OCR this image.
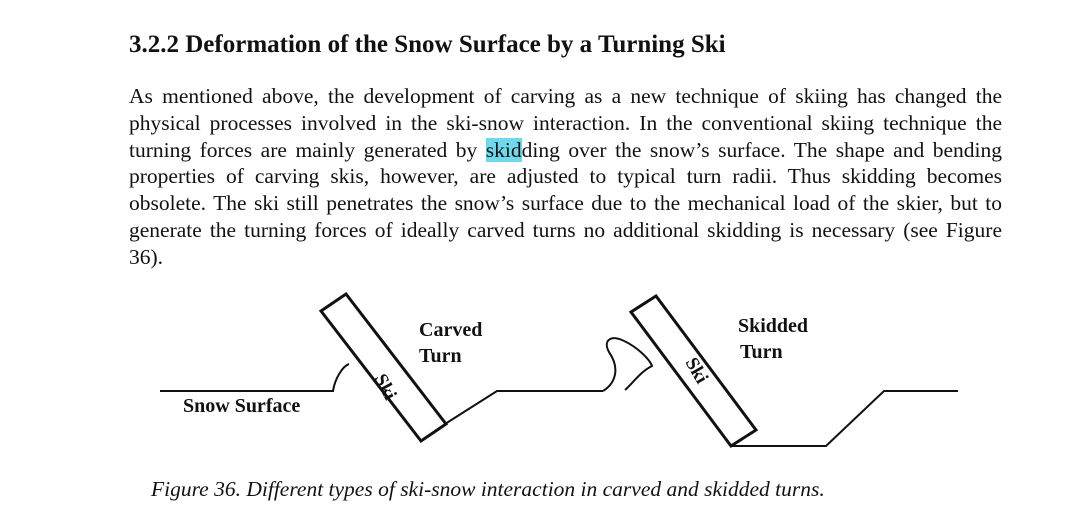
3.2.2 Deformation of the Snow Surface by a Turning Ski

As mentioned above, the development of carving as a new technique of skiing has changed the physical processes involved in the ski-snow interaction. In the conventional skiing technique the turning forces are mainly generated by skidding over the snow’s surface. The shape and bending properties of carving skis, however, are adjusted to typical turn radii. Thus skidding becomes obsolete. The ski still penetrates the snow’s surface due to the mechanical load of the skier, but to generate the turning forces of ideally carved turns no additional skidding is necessary (see Figure 36).

Ski	Ski
Snow Surface
Carved
Turn
Skidded
Turn

Figure 36. Different types of ski-snow interaction in carved and skidded turns.
